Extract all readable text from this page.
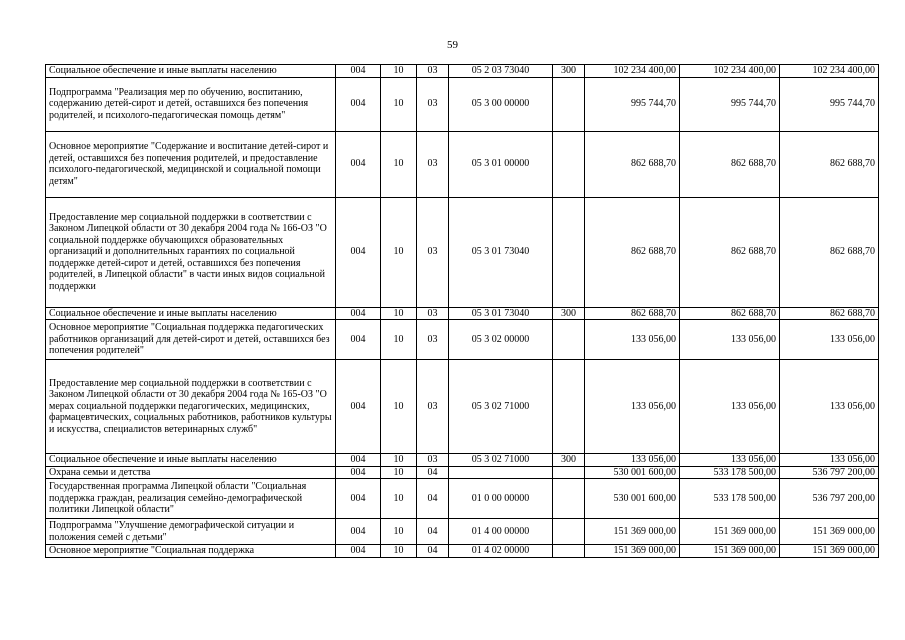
59
Социальное обеспечение и иные выплаты населению	004	10	03	05 2 03 73040	300	102 234 400,00	102 234 400,00	102 234 400,00
Подпрограмма "Реализация мер по обучению, воспитанию, содержанию детей-сирот и детей, оставшихся без попечения родителей, и психолого-педагогическая помощь детям"	004	10	03	05 3 00 00000		995 744,70	995 744,70	995 744,70
Основное мероприятие "Содержание и воспитание детей-сирот и детей, оставшихся без попечения родителей, и предоставление психолого-педагогической, медицинской и социальной помощи детям"	004	10	03	05 3 01 00000		862 688,70	862 688,70	862 688,70
Предоставление мер социальной поддержки в соответствии с Законом Липецкой области от 30 декабря 2004 года № 166-ОЗ "О социальной поддержке обучающихся образовательных организаций и дополнительных гарантиях по социальной поддержке детей-сирот и детей, оставшихся без попечения родителей, в Липецкой области" в части иных видов социальной поддержки	004	10	03	05 3 01 73040		862 688,70	862 688,70	862 688,70
Социальное обеспечение и иные выплаты населению	004	10	03	05 3 01 73040	300	862 688,70	862 688,70	862 688,70
Основное мероприятие "Социальная поддержка педагогических работников организаций для детей-сирот и детей, оставшихся без попечения родителей"	004	10	03	05 3 02 00000		133 056,00	133 056,00	133 056,00
Предоставление мер социальной поддержки в соответствии с Законом Липецкой области от 30 декабря 2004 года № 165-ОЗ "О мерах социальной поддержки педагогических, медицинских, фармацевтических, социальных работников, работников культуры и искусства, специалистов ветеринарных служб"	004	10	03	05 3 02 71000		133 056,00	133 056,00	133 056,00
Социальное обеспечение и иные выплаты населению	004	10	03	05 3 02 71000	300	133 056,00	133 056,00	133 056,00
Охрана семьи и детства	004	10	04			530 001 600,00	533 178 500,00	536 797 200,00
Государственная программа Липецкой области "Социальная поддержка граждан, реализация семейно-демографической политики Липецкой области"	004	10	04	01 0 00 00000		530 001 600,00	533 178 500,00	536 797 200,00
Подпрограмма "Улучшение демографической ситуации и положения семей с детьми"	004	10	04	01 4 00 00000		151 369 000,00	151 369 000,00	151 369 000,00
Основное мероприятие "Социальная поддержка	004	10	04	01 4 02 00000		151 369 000,00	151 369 000,00	151 369 000,00
